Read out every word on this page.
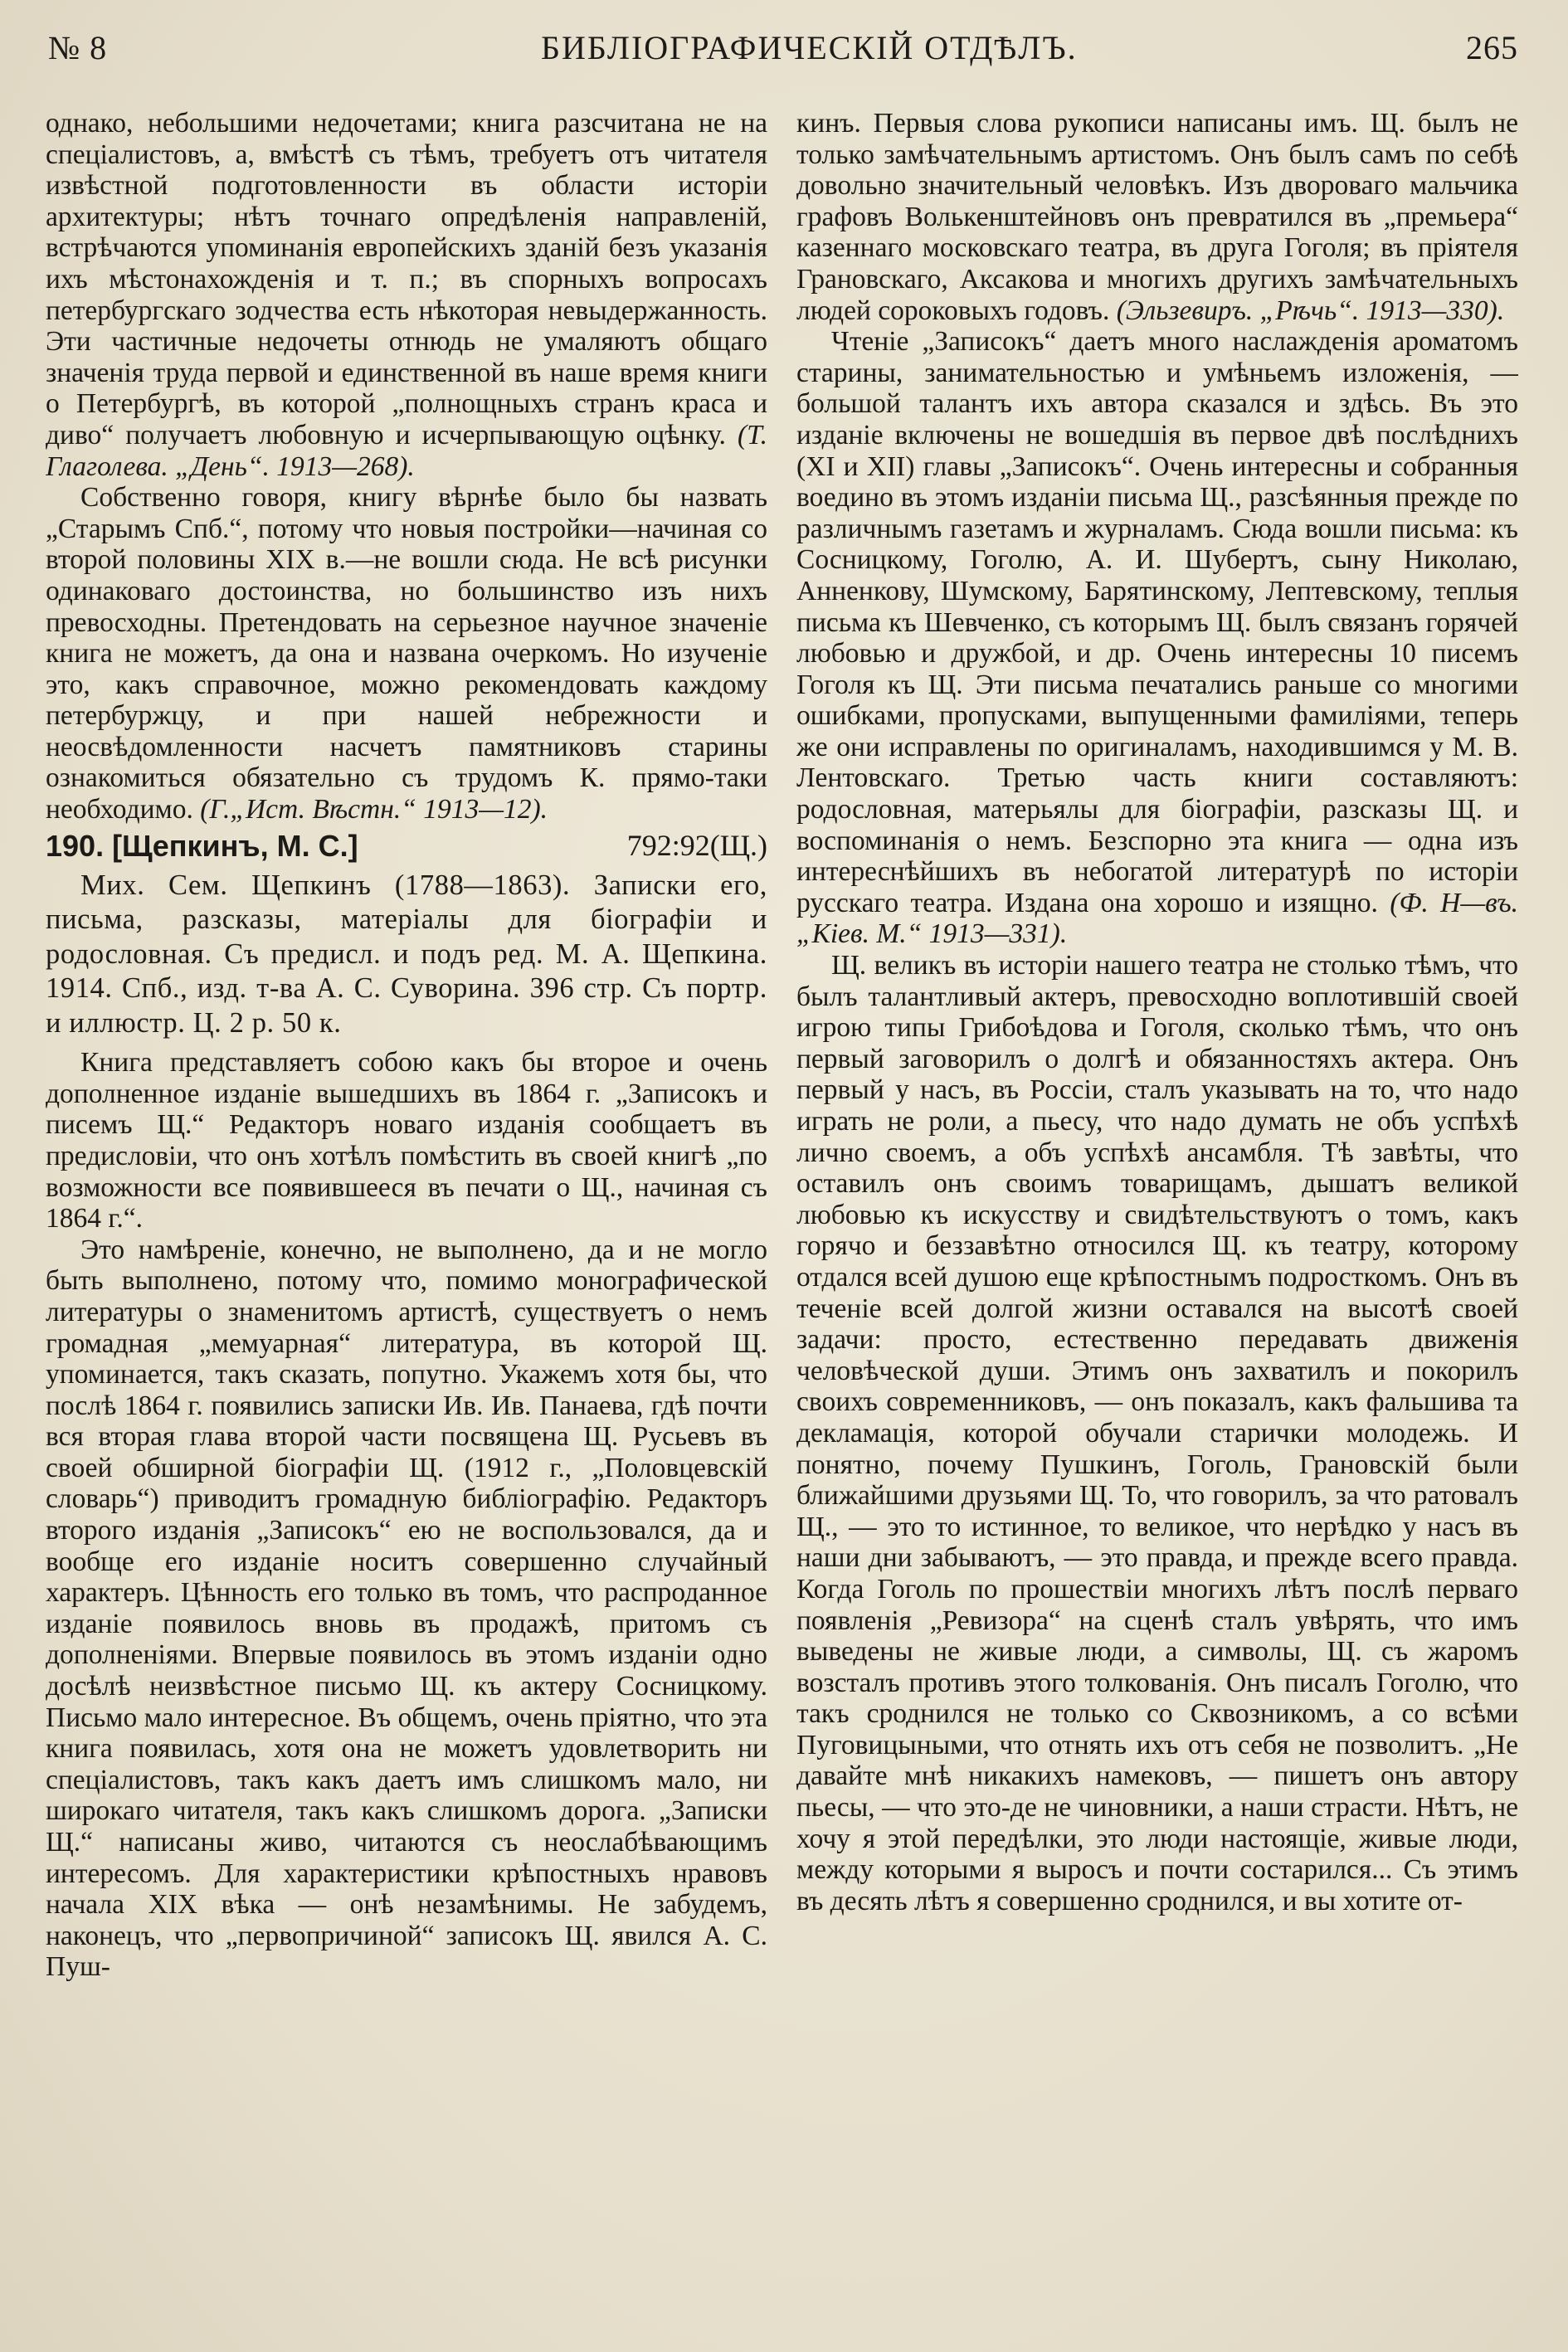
№ 8	БИБЛІОГРАФИЧЕСКІЙ ОТДѢЛЪ.	265

однако, небольшими недочетами; книга разсчитана не на спеціалистовъ, а, вмѣстѣ съ тѣмъ, требуетъ отъ читателя извѣстной подготовленности въ области исторіи архитектуры; нѣтъ точнаго опредѣленія направленій, встрѣчаются упоминанія европейскихъ зданій безъ указанія ихъ мѣстонахожденія и т. п.; въ спорныхъ вопросахъ петербургскаго зодчества есть нѣкоторая невыдержанность. Эти частичные недочеты отнюдь не умаляютъ общаго значенія труда первой и единственной въ наше время книги о Петербургѣ, въ которой „полнощныхъ странъ краса и диво“ получаетъ любовную и исчерпывающую оцѣнку. (Т. Глаголева. „День“. 1913—268).

Собственно говоря, книгу вѣрнѣе было бы назвать „Старымъ Спб.“, потому что новыя постройки—начиная со второй половины XIX в.—не вошли сюда. Не всѣ рисунки одинаковаго достоинства, но большинство изъ нихъ превосходны. Претендовать на серьезное научное значеніе книга не можетъ, да она и названа очеркомъ. Но изученіе это, какъ справочное, можно рекомендовать каждому петербуржцу, и при нашей небрежности и неосвѣдомленности насчетъ памятниковъ старины ознакомиться обязательно съ трудомъ К. прямо-таки необходимо. (Г.„Ист. Вѣстн.“ 1913—12).

190. [Щепкинъ, М. С.]	792:92(Щ.)

Мих. Сем. Щепкинъ (1788—1863). Записки его, письма, разсказы, матеріалы для біографіи и родословная. Съ предисл. и подъ ред. М. А. Щепкина. 1914. Спб., изд. т-ва А. С. Суворина. 396 стр. Съ портр. и иллюстр. Ц. 2 р. 50 к.

Книга представляетъ собою какъ бы второе и очень дополненное изданіе вышедшихъ въ 1864 г. „Записокъ и писемъ Щ.“ Редакторъ новаго изданія сообщаетъ въ предисловіи, что онъ хотѣлъ помѣстить въ своей книгѣ „по возможности все появившееся въ печати о Щ., начиная съ 1864 г.“.

Это намѣреніе, конечно, не выполнено, да и не могло быть выполнено, потому что, помимо монографической литературы о знаменитомъ артистѣ, существуетъ о немъ громадная „мемуарная“ литература, въ которой Щ. упоминается, такъ сказать, попутно. Укажемъ хотя бы, что послѣ 1864 г. появились записки Ив. Ив. Панаева, гдѣ почти вся вторая глава второй части посвящена Щ. Русьевъ въ своей обширной біографіи Щ. (1912 г., „Половцевскій словарь“) приводитъ громадную библіографію. Редакторъ второго изданія „Записокъ“ ею не воспользовался, да и вообще его изданіе носитъ совершенно случайный характеръ. Цѣнность его только въ томъ, что распроданное изданіе появилось вновь въ продажѣ, притомъ съ дополненіями. Впервые появилось въ этомъ изданіи одно досѣлѣ неизвѣстное письмо Щ. къ актеру Сосницкому. Письмо мало интересное. Въ общемъ, очень пріятно, что эта книга появилась, хотя она не можетъ удовлетворить ни спеціалистовъ, такъ какъ даетъ имъ слишкомъ мало, ни широкаго читателя, такъ какъ слишкомъ дорога. „Записки Щ.“ написаны живо, читаются съ неослабѣвающимъ интересомъ. Для характеристики крѣпостныхъ нравовъ начала XIX вѣка — онѣ незамѣнимы. Не забудемъ, наконецъ, что „первопричиной“ записокъ Щ. явился А. С. Пуш-

кинъ. Первыя слова рукописи написаны имъ. Щ. былъ не только замѣчательнымъ артистомъ. Онъ былъ самъ по себѣ довольно значительный человѣкъ. Изъ двороваго мальчика графовъ Волькенштейновъ онъ превратился въ „премьера“ казеннаго московскаго театра, въ друга Гоголя; въ пріятеля Грановскаго, Аксакова и многихъ другихъ замѣчательныхъ людей сороковыхъ годовъ. (Эльзевиръ. „Рѣчь“. 1913—330).

Чтеніе „Записокъ“ даетъ много наслажденія ароматомъ старины, занимательностью и умѣньемъ изложенія, — большой талантъ ихъ автора сказался и здѣсь. Въ это изданіе включены не вошедшія въ первое двѣ послѣднихъ (XI и XII) главы „Записокъ“. Очень интересны и собранныя воедино въ этомъ изданіи письма Щ., разсѣянныя прежде по различнымъ газетамъ и журналамъ. Сюда вошли письма: къ Сосницкому, Гоголю, А. И. Шубертъ, сыну Николаю, Анненкову, Шумскому, Барятинскому, Лептевскому, теплыя письма къ Шевченко, съ которымъ Щ. былъ связанъ горячей любовью и дружбой, и др. Очень интересны 10 писемъ Гоголя къ Щ. Эти письма печатались раньше со многими ошибками, пропусками, выпущенными фамиліями, теперь же они исправлены по оригиналамъ, находившимся у М. В. Лентовскаго. Третью часть книги составляютъ: родословная, матерьялы для біографіи, разсказы Щ. и воспоминанія о немъ. Безспорно эта книга — одна изъ интереснѣйшихъ въ небогатой литературѣ по исторіи русскаго театра. Издана она хорошо и изящно. (Ф. Н—въ. „Кіев. М.“ 1913—331).

Щ. великъ въ исторіи нашего театра не столько тѣмъ, что былъ талантливый актеръ, превосходно воплотившій своей игрою типы Грибоѣдова и Гоголя, сколько тѣмъ, что онъ первый заговорилъ о долгѣ и обязанностяхъ актера. Онъ первый у насъ, въ Россіи, сталъ указывать на то, что надо играть не роли, а пьесу, что надо думать не объ успѣхѣ лично своемъ, а объ успѣхѣ ансамбля. Тѣ завѣты, что оставилъ онъ своимъ товарищамъ, дышатъ великой любовью къ искусству и свидѣтельствуютъ о томъ, какъ горячо и беззавѣтно относился Щ. къ театру, которому отдался всей душою еще крѣпостнымъ подросткомъ. Онъ въ теченіе всей долгой жизни оставался на высотѣ своей задачи: просто, естественно передавать движенія человѣческой души. Этимъ онъ захватилъ и покорилъ своихъ современниковъ, — онъ показалъ, какъ фальшива та декламація, которой обучали старички молодежь. И понятно, почему Пушкинъ, Гоголь, Грановскій были ближайшими друзьями Щ. То, что говорилъ, за что ратовалъ Щ., — это то истинное, то великое, что нерѣдко у насъ въ наши дни забываютъ, — это правда, и прежде всего правда. Когда Гоголь по прошествіи многихъ лѣтъ послѣ перваго появленія „Ревизора“ на сценѣ сталъ увѣрять, что имъ выведены не живые люди, а символы, Щ. съ жаромъ возсталъ противъ этого толкованія. Онъ писалъ Гоголю, что такъ сроднился не только со Сквозникомъ, а со всѣми Пуговицыными, что отнять ихъ отъ себя не позволитъ. „Не давайте мнѣ никакихъ намековъ, — пишетъ онъ автору пьесы, — что это-де не чиновники, а наши страсти. Нѣтъ, не хочу я этой передѣлки, это люди настоящіе, живые люди, между которыми я выросъ и почти состарился... Съ этимъ въ десять лѣтъ я совершенно сроднился, и вы хотите от-
